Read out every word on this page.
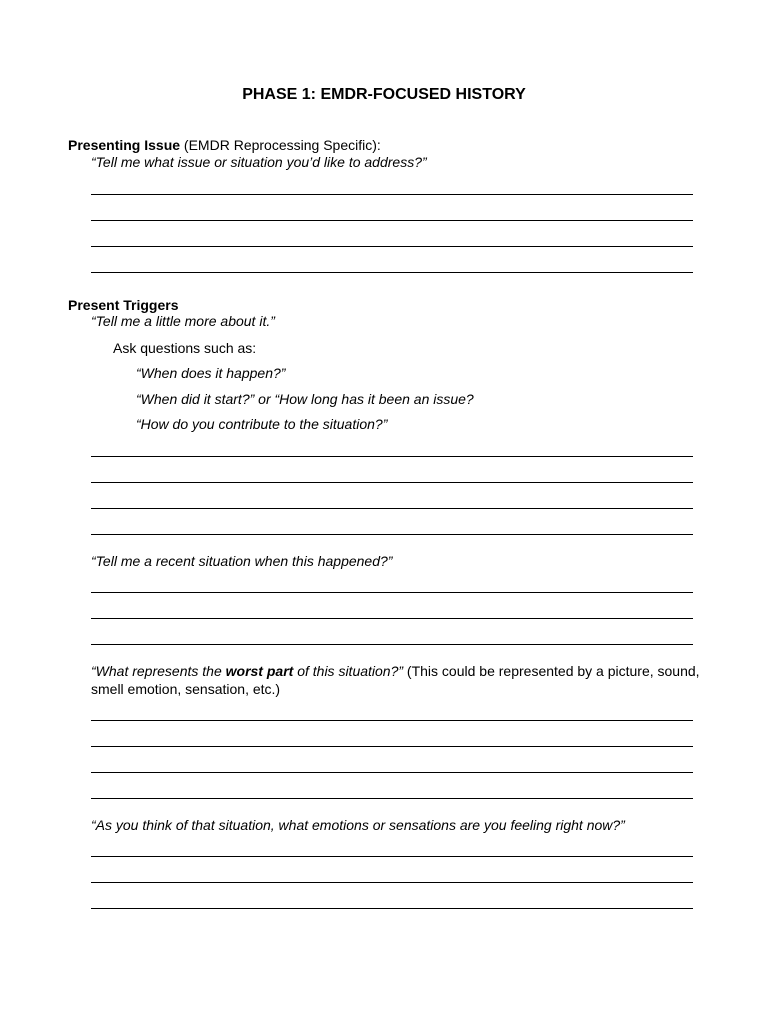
PHASE 1: EMDR-FOCUSED HISTORY
Presenting Issue (EMDR Reprocessing Specific):
“Tell me what issue or situation you’d like to address?”
Present Triggers
“Tell me a little more about it.”
Ask questions such as:
“When does it happen?”
“When did it start?” or “How long has it been an issue?
“How do you contribute to the situation?”
“Tell me a recent situation when this happened?”
“What represents the worst part of this situation?” (This could be represented by a picture, sound, smell emotion, sensation, etc.)
“As you think of that situation, what emotions or sensations are you feeling right now?”
